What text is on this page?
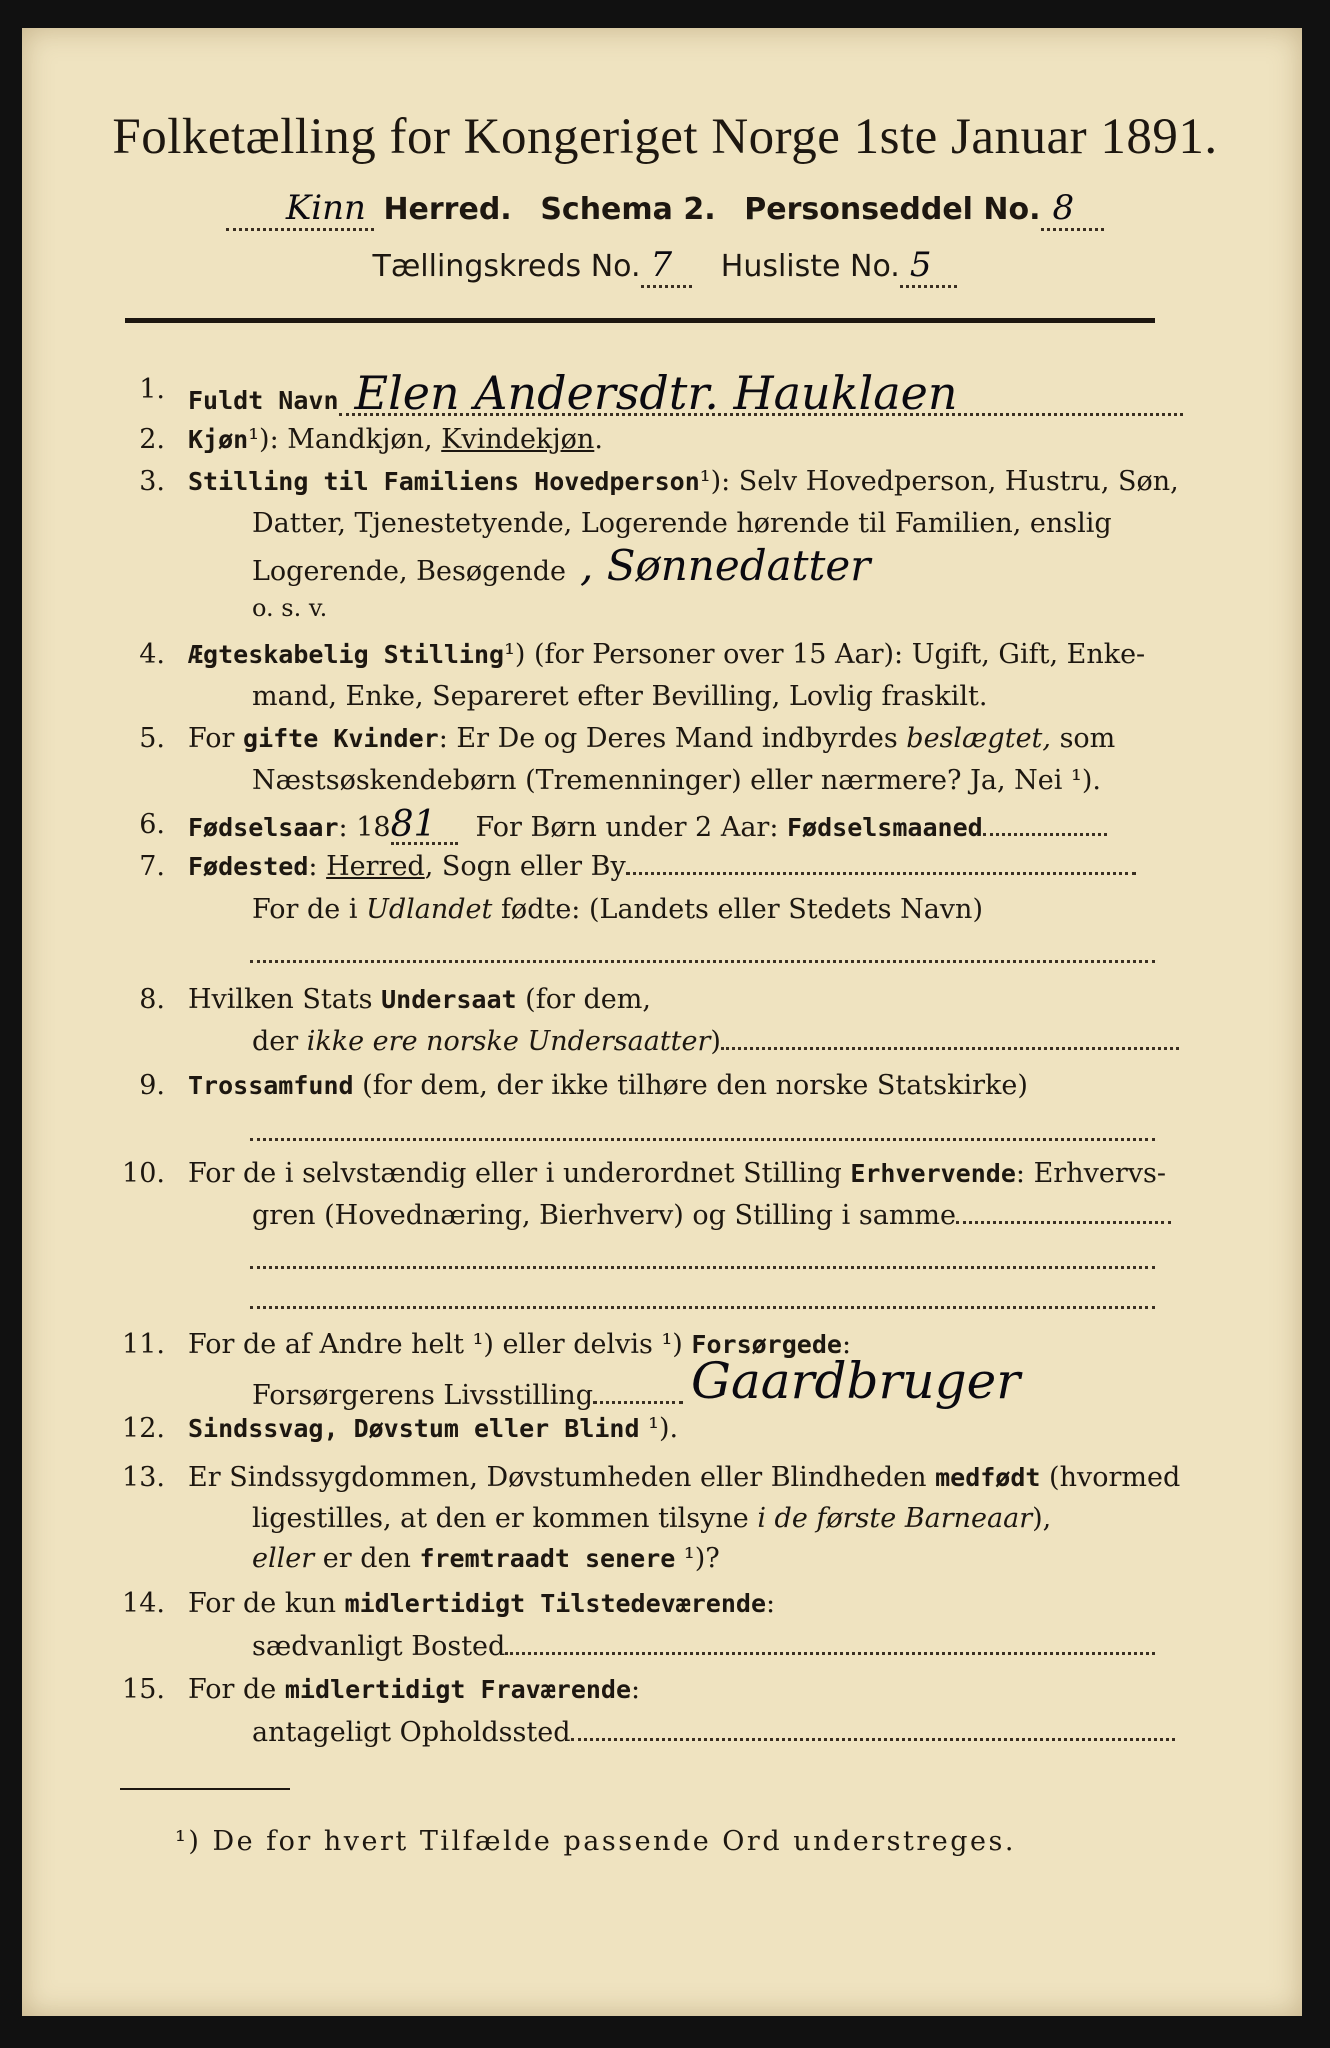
Folketælling for Kongeriget Norge 1ste Januar 1891.
Kinn Herred. Schema 2. Personseddel No. 8
Tællingskreds No. 7 Husliste No. 5
1. Fuldt Navn Elen Andersdtr. Hauklaen
2. Kjøn¹): Mandkjøn, Kvindekjøn.
3. Stilling til Familiens Hovedperson¹): Selv Hovedperson, Hustru, Søn,
Datter, Tjenestetyende, Logerende hørende til Familien, enslig
Logerende, Besøgende , Sønnedatter
o. s. v.
4. Ægteskabelig Stilling¹) (for Personer over 15 Aar): Ugift, Gift, Enke-
mand, Enke, Separeret efter Bevilling, Lovlig fraskilt.
5. For gifte Kvinder: Er De og Deres Mand indbyrdes beslægtet, som
Næstsøskendebørn (Tremenninger) eller nærmere? Ja, Nei ¹).
6. Fødselsaar: 1881 For Børn under 2 Aar: Fødselsmaaned
7. Fødested: Herred, Sogn eller By
For de i Udlandet fødte: (Landets eller Stedets Navn)
8. Hvilken Stats Undersaat (for dem,
der ikke ere norske Undersaatter)
9. Trossamfund (for dem, der ikke tilhøre den norske Statskirke)
10. For de i selvstændig eller i underordnet Stilling Erhvervende: Erhvervs-
gren (Hovednæring, Bierhverv) og Stilling i samme
11. For de af Andre helt ¹) eller delvis ¹) Forsørgede:
Forsørgerens Livsstilling Gaardbruger
12. Sindssvag, Døvstum eller Blind ¹).
13. Er Sindssygdommen, Døvstumheden eller Blindheden medfødt (hvormed
ligestilles, at den er kommen tilsyne i de første Barneaar),
eller er den fremtraadt senere ¹)?
14. For de kun midlertidigt Tilstedeværende:
sædvanligt Bosted
15. For de midlertidigt Fraværende:
antageligt Opholdssted
¹) De for hvert Tilfælde passende Ord understreges.
